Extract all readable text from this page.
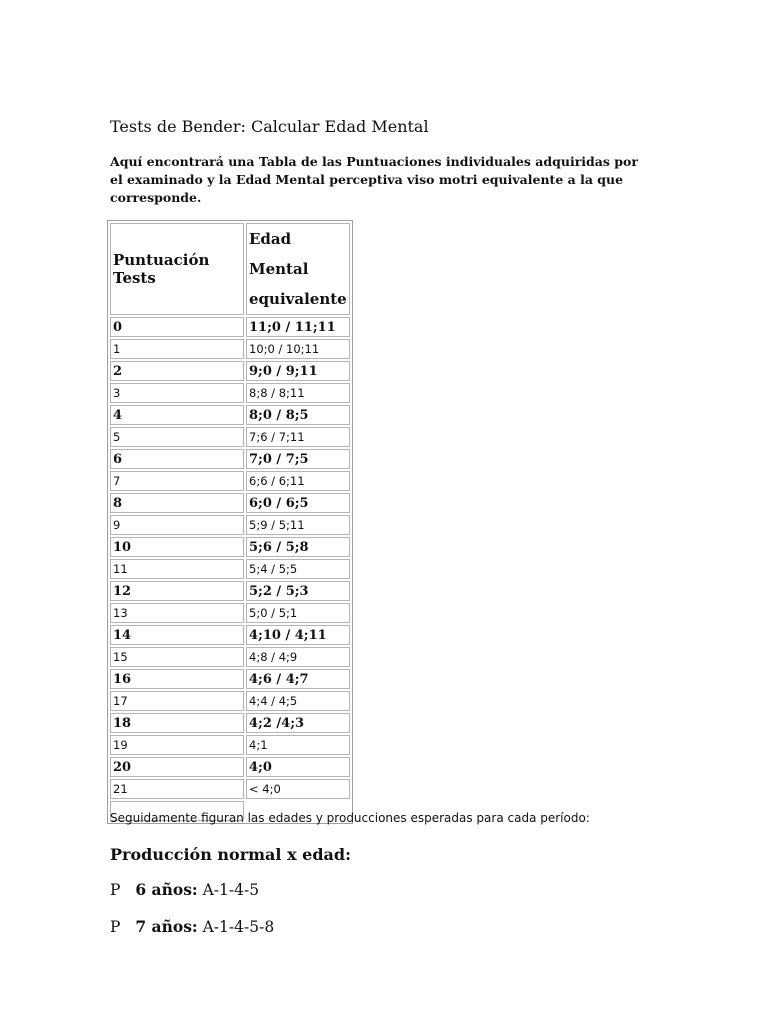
Tests de Bender: Calcular Edad Mental

Aquí encontrará una Tabla de las Puntuaciones individuales adquiridas por el examinado y la Edad Mental perceptiva viso motri equivalente a la que corresponde.

Puntuación Tests	Edad Mental equivalente
0	11;0 / 11;11
1	10;0 / 10;11
2	9;0 / 9;11
3	8;8 / 8;11
4	8;0 / 8;5
5	7;6 / 7;11
6	7;0 / 7;5
7	6;6 / 6;11
8	6;0 / 6;5
9	5;9 / 5;11
10	5;6 / 5;8
11	5;4 / 5;5
12	5;2 / 5;3
13	5;0 / 5;1
14	4;10 / 4;11
15	4;8 / 4;9
16	4;6 / 4;7
17	4;4 / 4;5
18	4;2 /4;3
19	4;1
20	4;0
21	< 4;0

Seguidamente figuran las edades y producciones esperadas para cada período:

Producción normal x edad:

P 6 años: A-1-4-5

P 7 años: A-1-4-5-8
